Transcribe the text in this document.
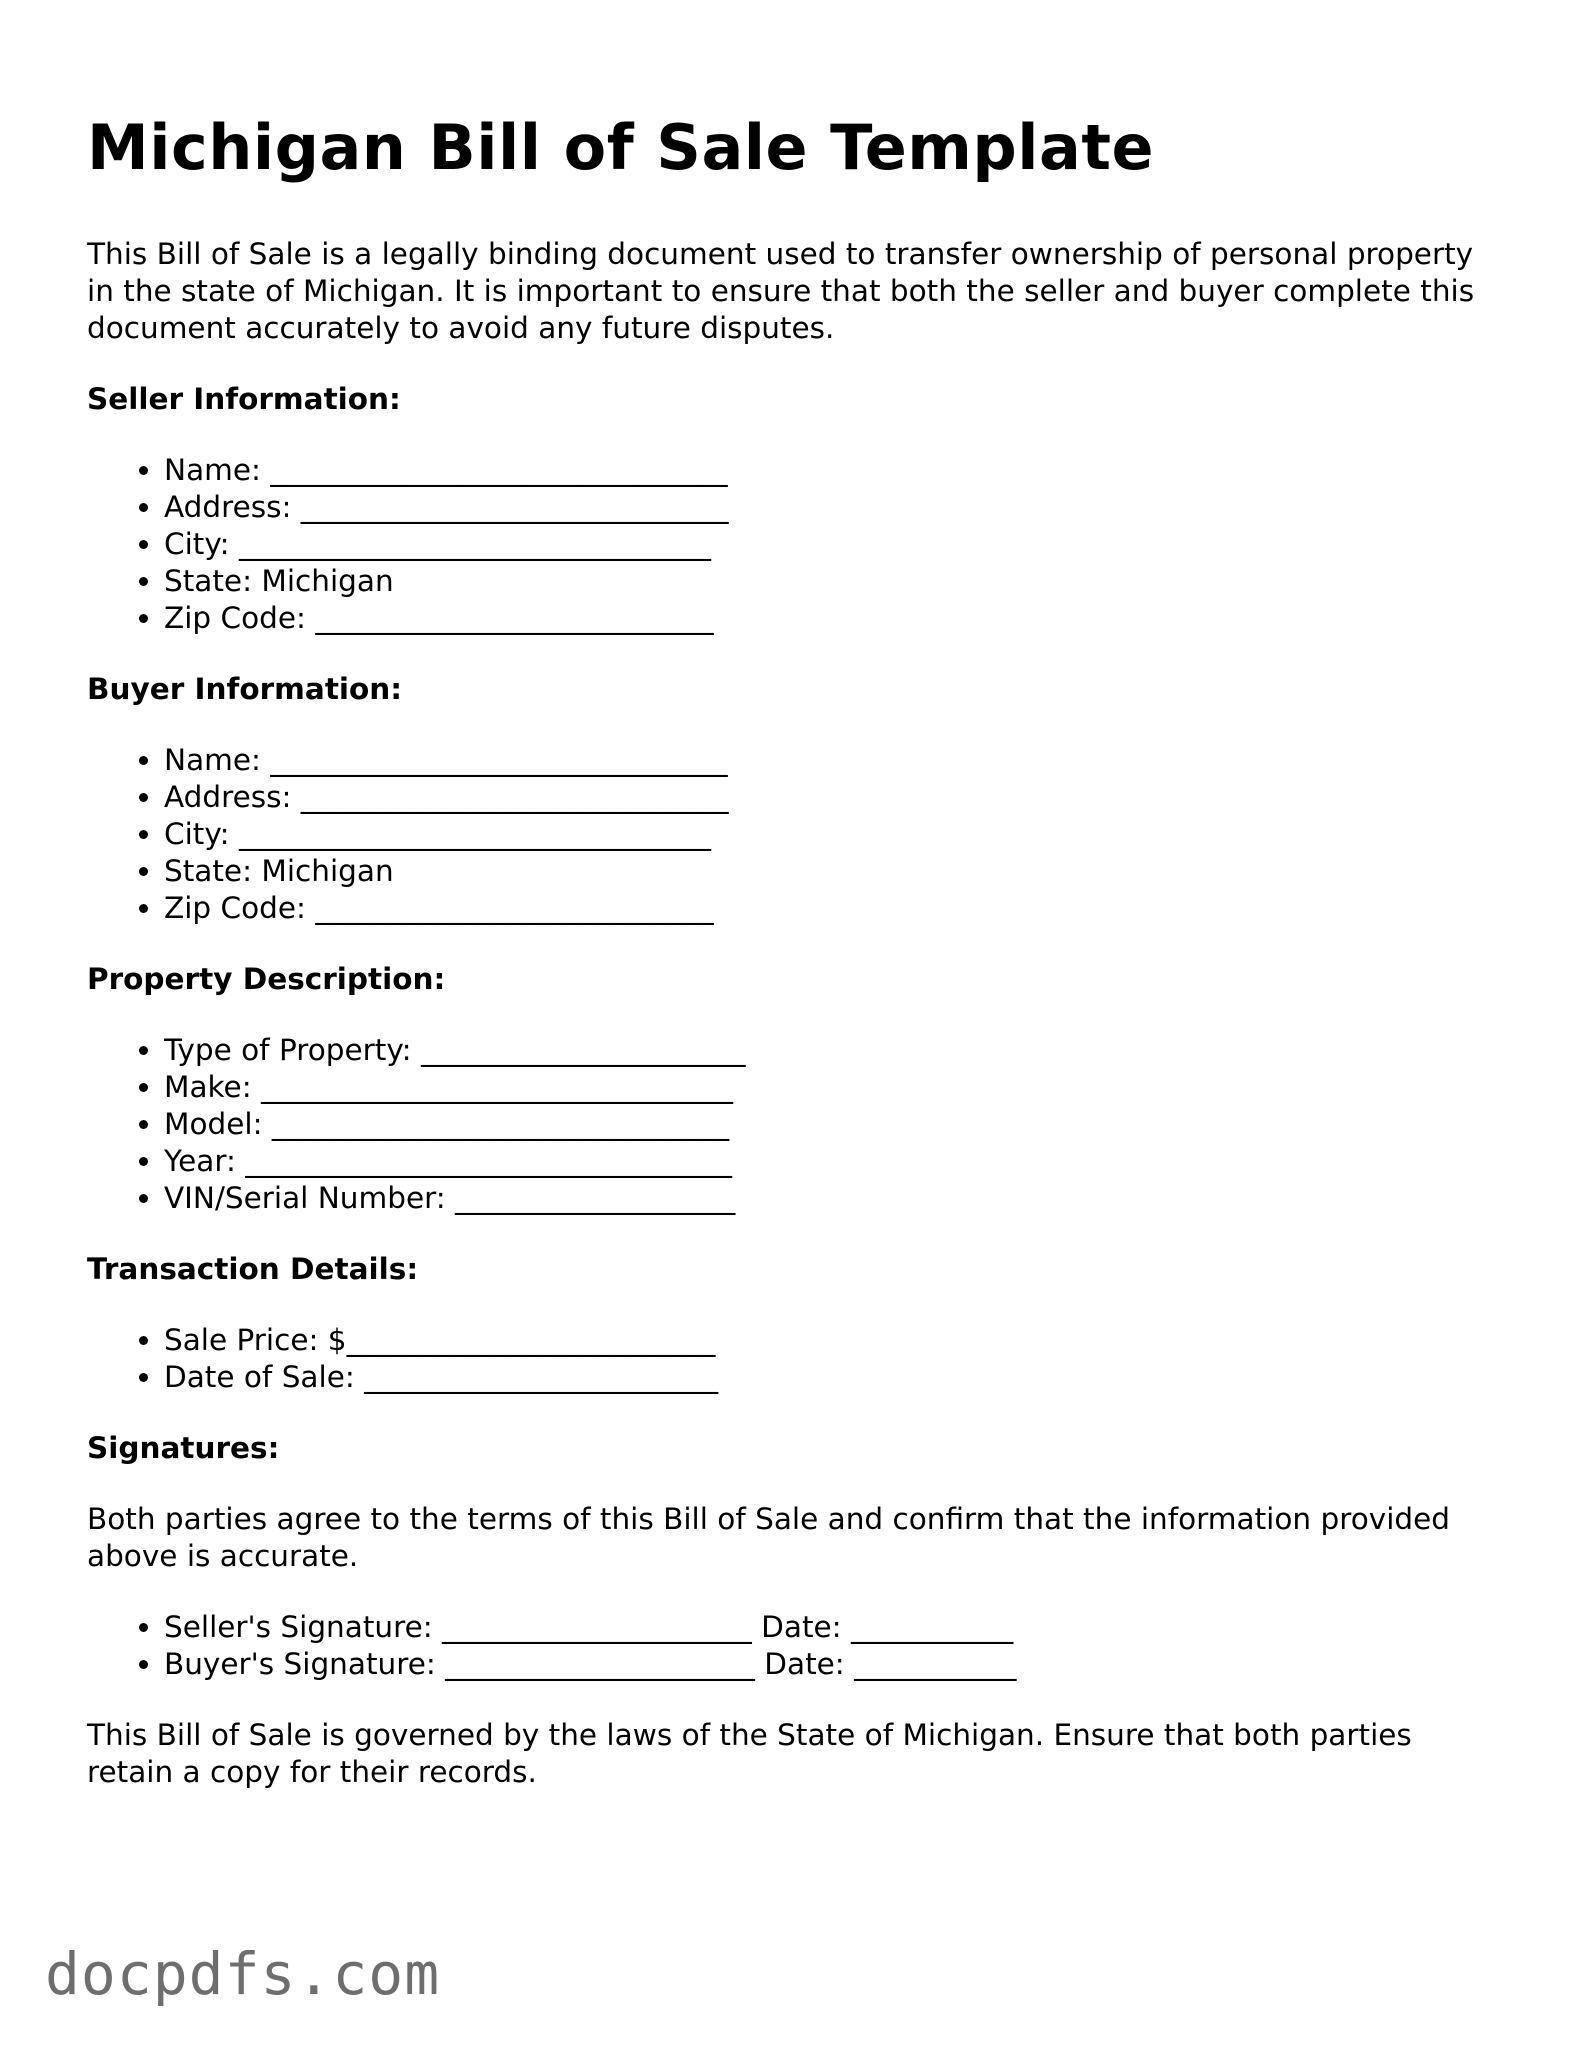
Michigan Bill of Sale Template

This Bill of Sale is a legally binding document used to transfer ownership of personal property in the state of Michigan. It is important to ensure that both the seller and buyer complete this document accurately to avoid any future disputes.

Seller Information:
• Name: _______________________________
• Address: _____________________________
• City: ________________________________
• State: Michigan
• Zip Code: ___________________________
Buyer Information:
• Name: _______________________________
• Address: _____________________________
• City: ________________________________
• State: Michigan
• Zip Code: ___________________________
Property Description:
• Type of Property: ______________________
• Make: ________________________________
• Model: _______________________________
• Year: _________________________________
• VIN/Serial Number: ___________________
Transaction Details:
• Sale Price: $_________________________
• Date of Sale: ________________________
Signatures:

Both parties agree to the terms of this Bill of Sale and confirm that the information provided above is accurate.

• Seller's Signature: _____________________ Date: ___________
• Buyer's Signature: _____________________ Date: ___________

This Bill of Sale is governed by the laws of the State of Michigan. Ensure that both parties retain a copy for their records.

docpdfs.com
